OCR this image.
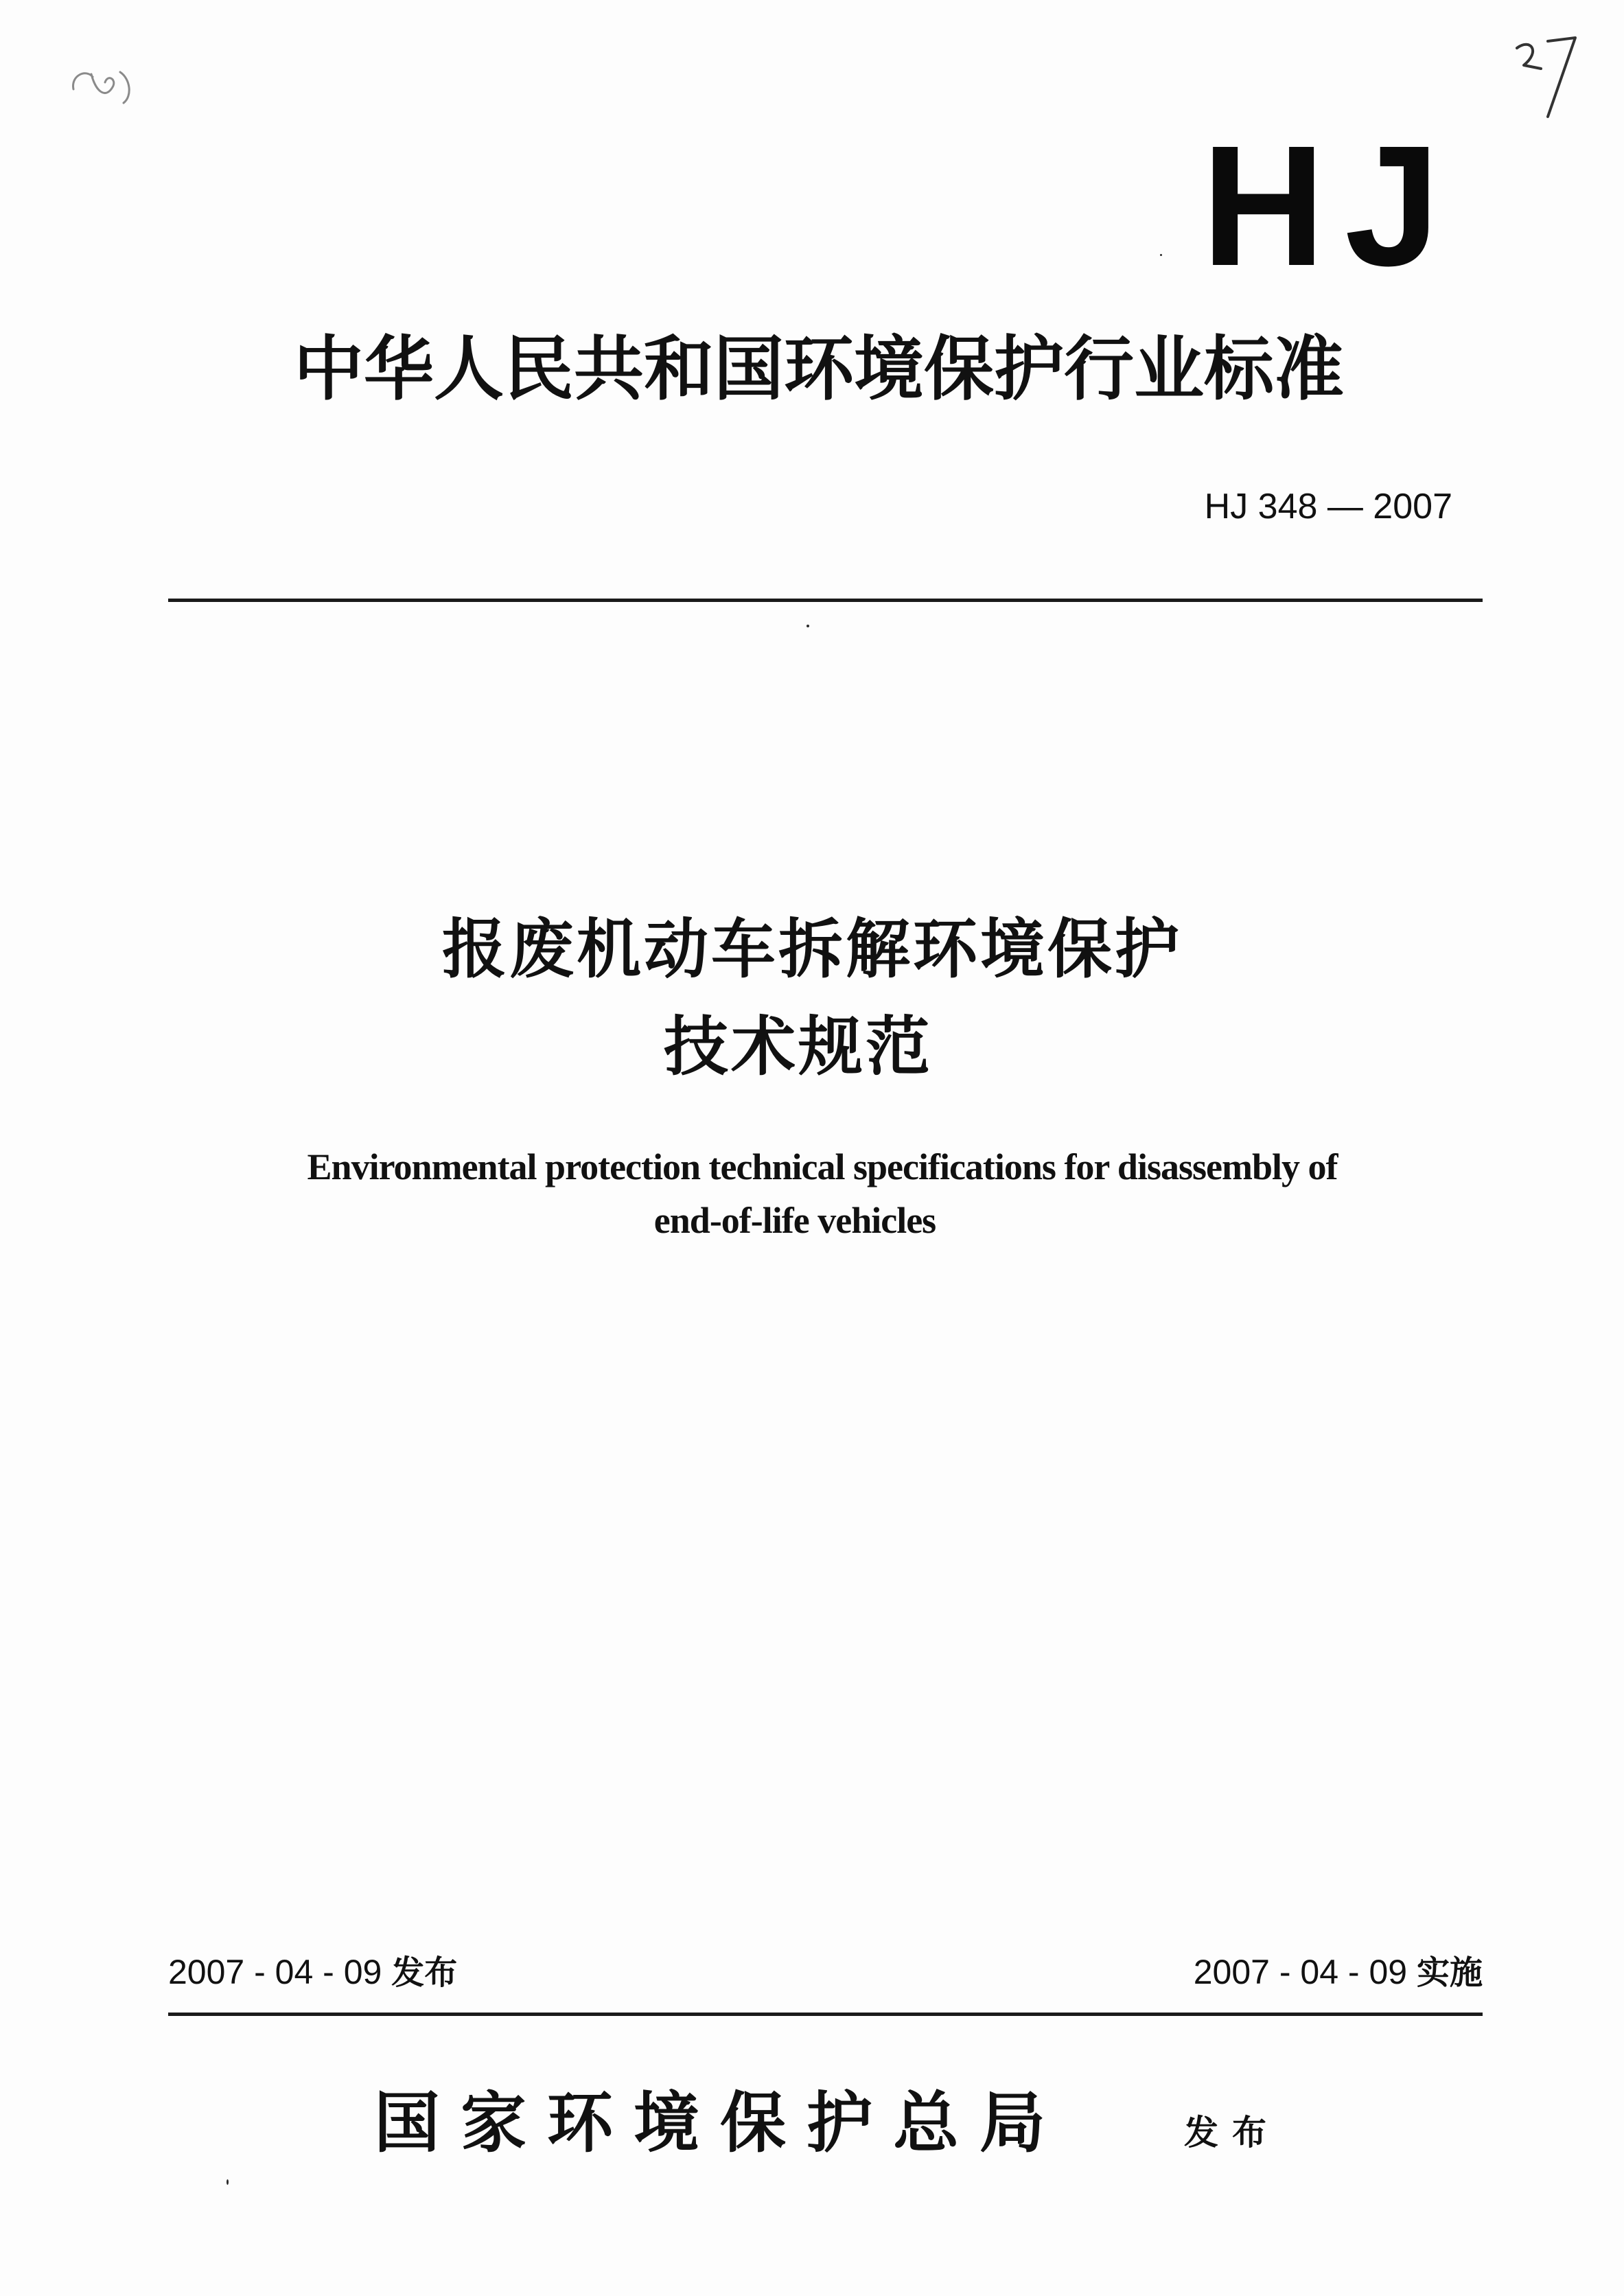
HJ
中华人民共和国环境保护行业标准
HJ 348 — 2007
报废机动车拆解环境保护
技术规范
Environmental protection technical specifications for disassembly of
end-of-life vehicles
2007 - 04 - 09 发布	2007 - 04 - 09 实施
国家环境保护总局	发布
